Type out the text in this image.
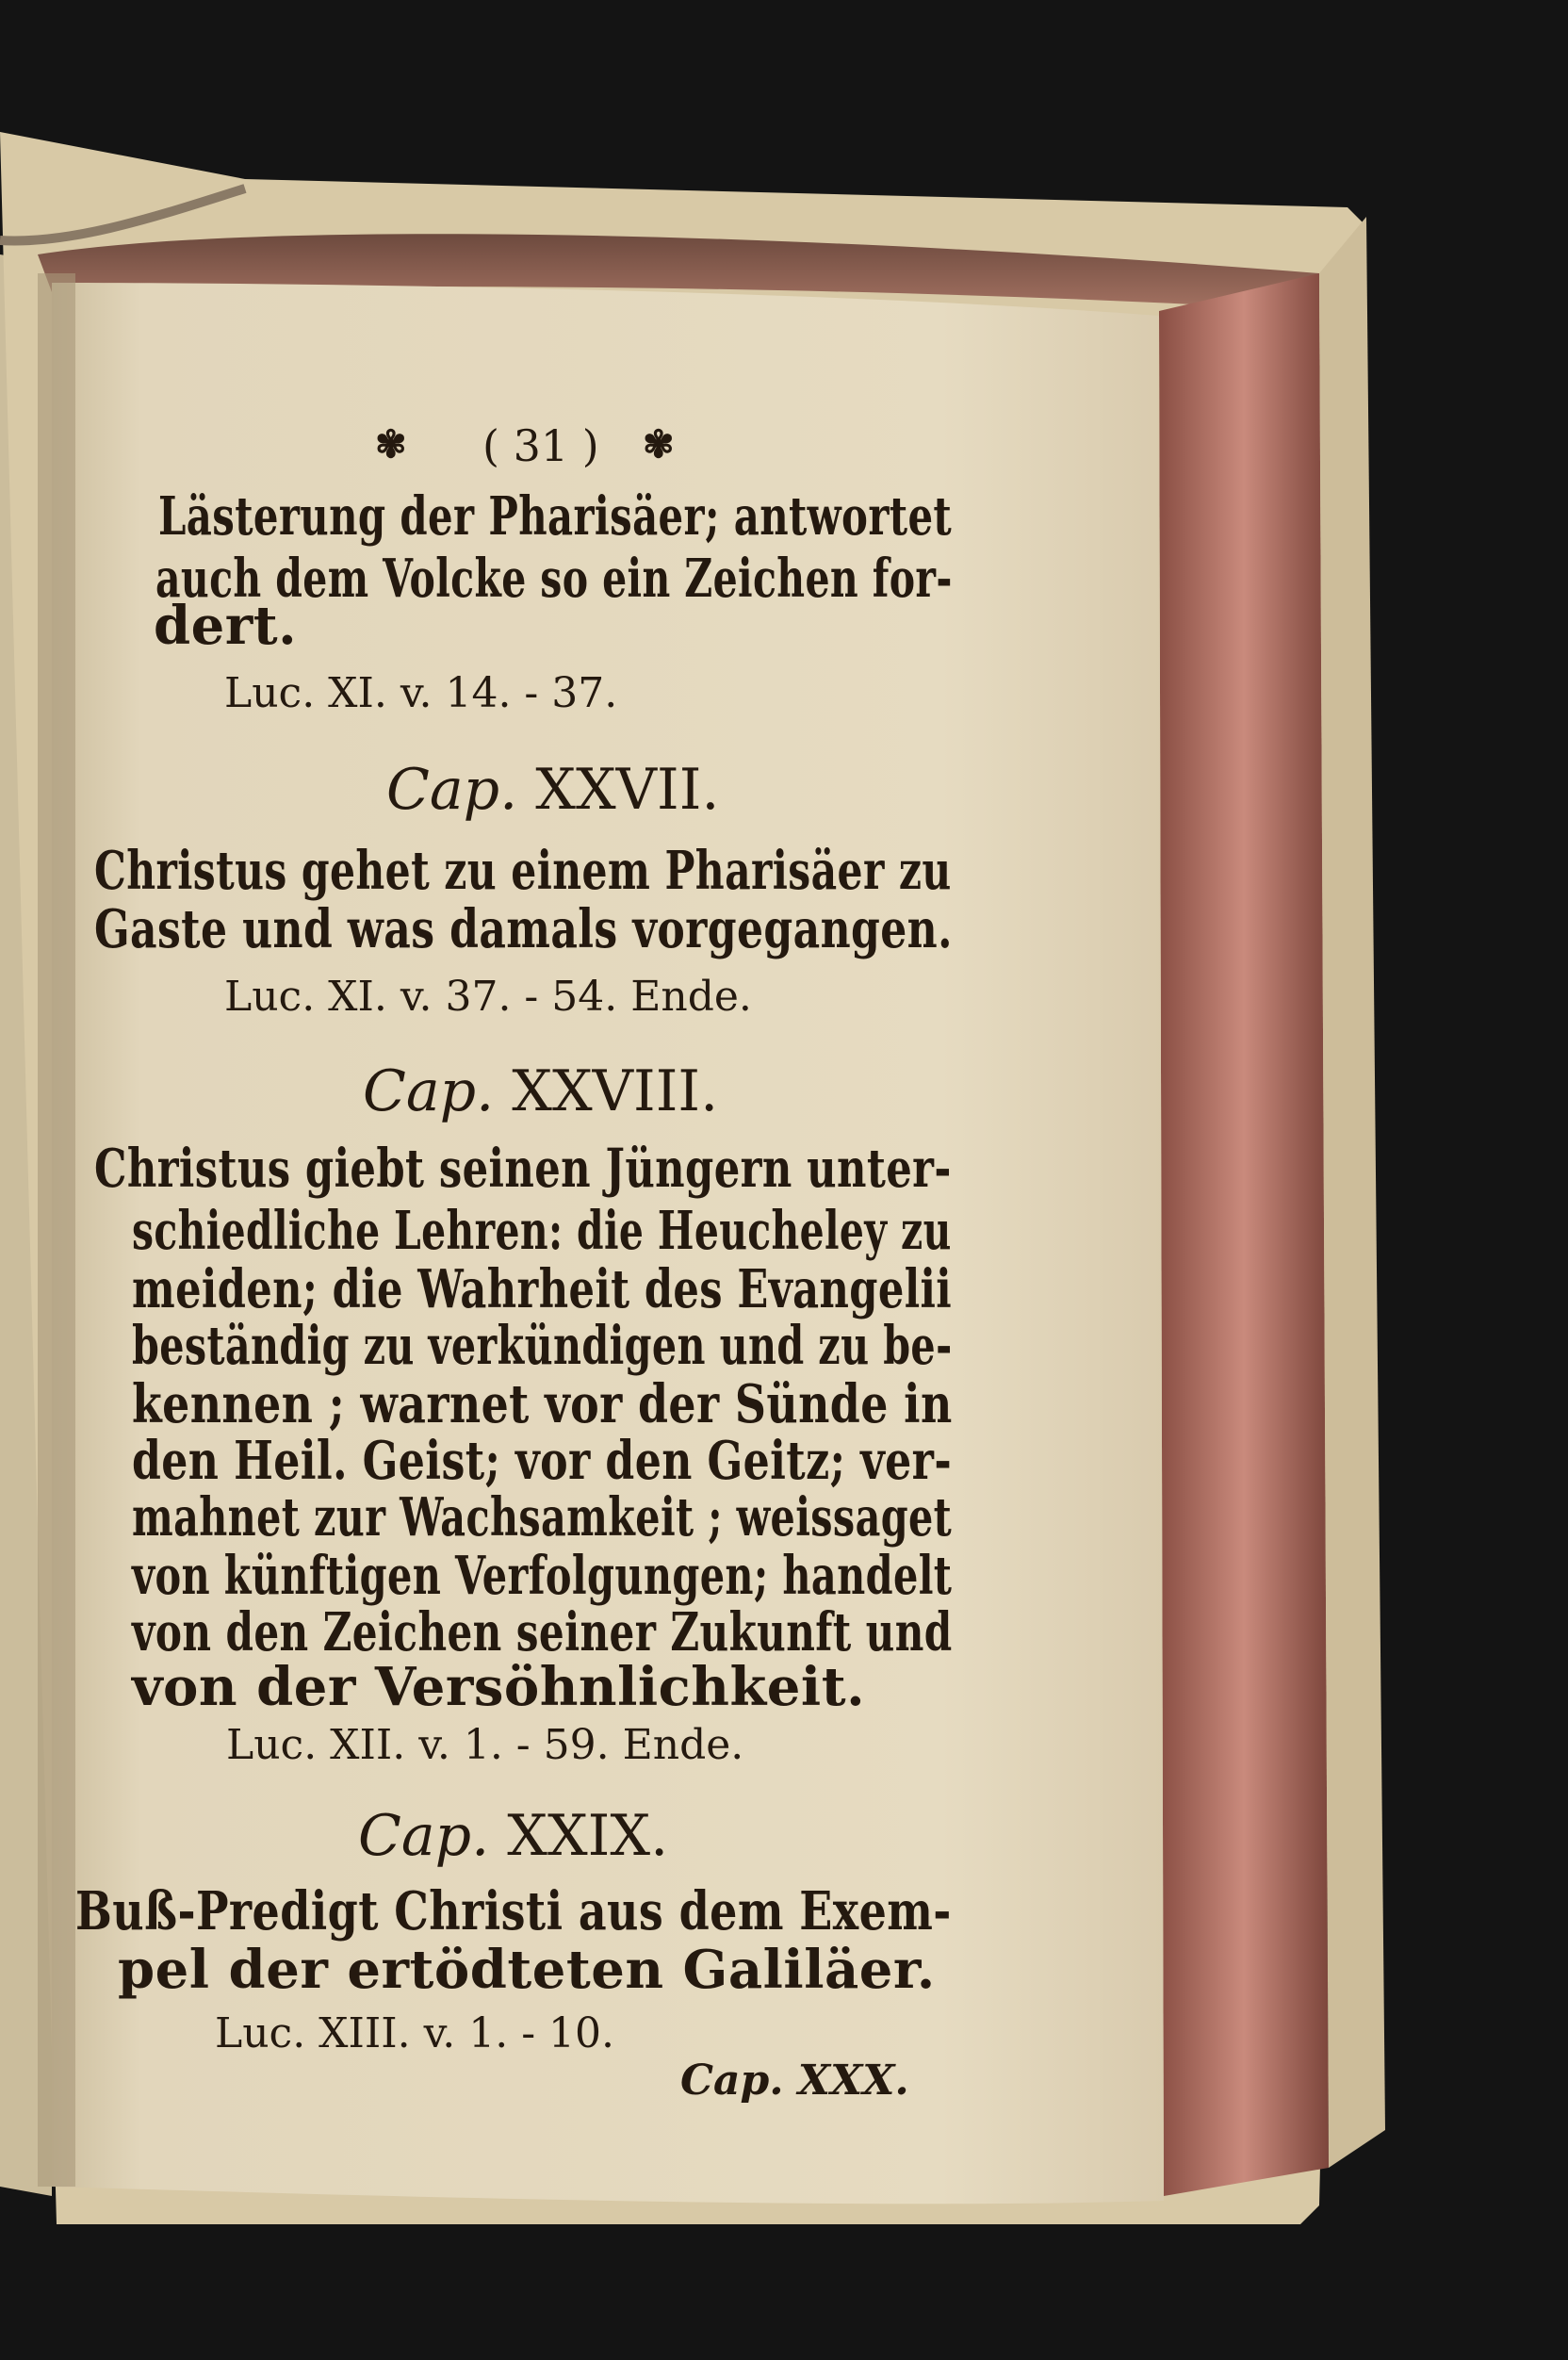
✾ ( 31 ) ✾
Lästerung der Pharisäer; antwortet
auch dem Volcke so ein Zeichen for-
dert.
Luc. XI. v. 14. - 37.
Cap. XXVII.
Christus gehet zu einem Pharisäer zu
Gaste und was damals vorgegangen.
Luc. XI. v. 37. - 54. Ende.
Cap. XXVIII.
Christus giebt seinen Jüngern unter-
schiedliche Lehren: die Heucheley zu
meiden; die Wahrheit des Evangelii
beständig zu verkündigen und zu be-
kennen ; warnet vor der Sünde in
den Heil. Geist; vor den Geitz; ver-
mahnet zur Wachsamkeit ; weissaget
von künftigen Verfolgungen; handelt
von den Zeichen seiner Zukunft und
von der Versöhnlichkeit.
Luc. XII. v. 1. - 59. Ende.
Cap. XXIX.
Buß-Predigt Christi aus dem Exem-
pel der ertödteten Galiläer.
Luc. XIII. v. 1. - 10.
Cap. XXX.
